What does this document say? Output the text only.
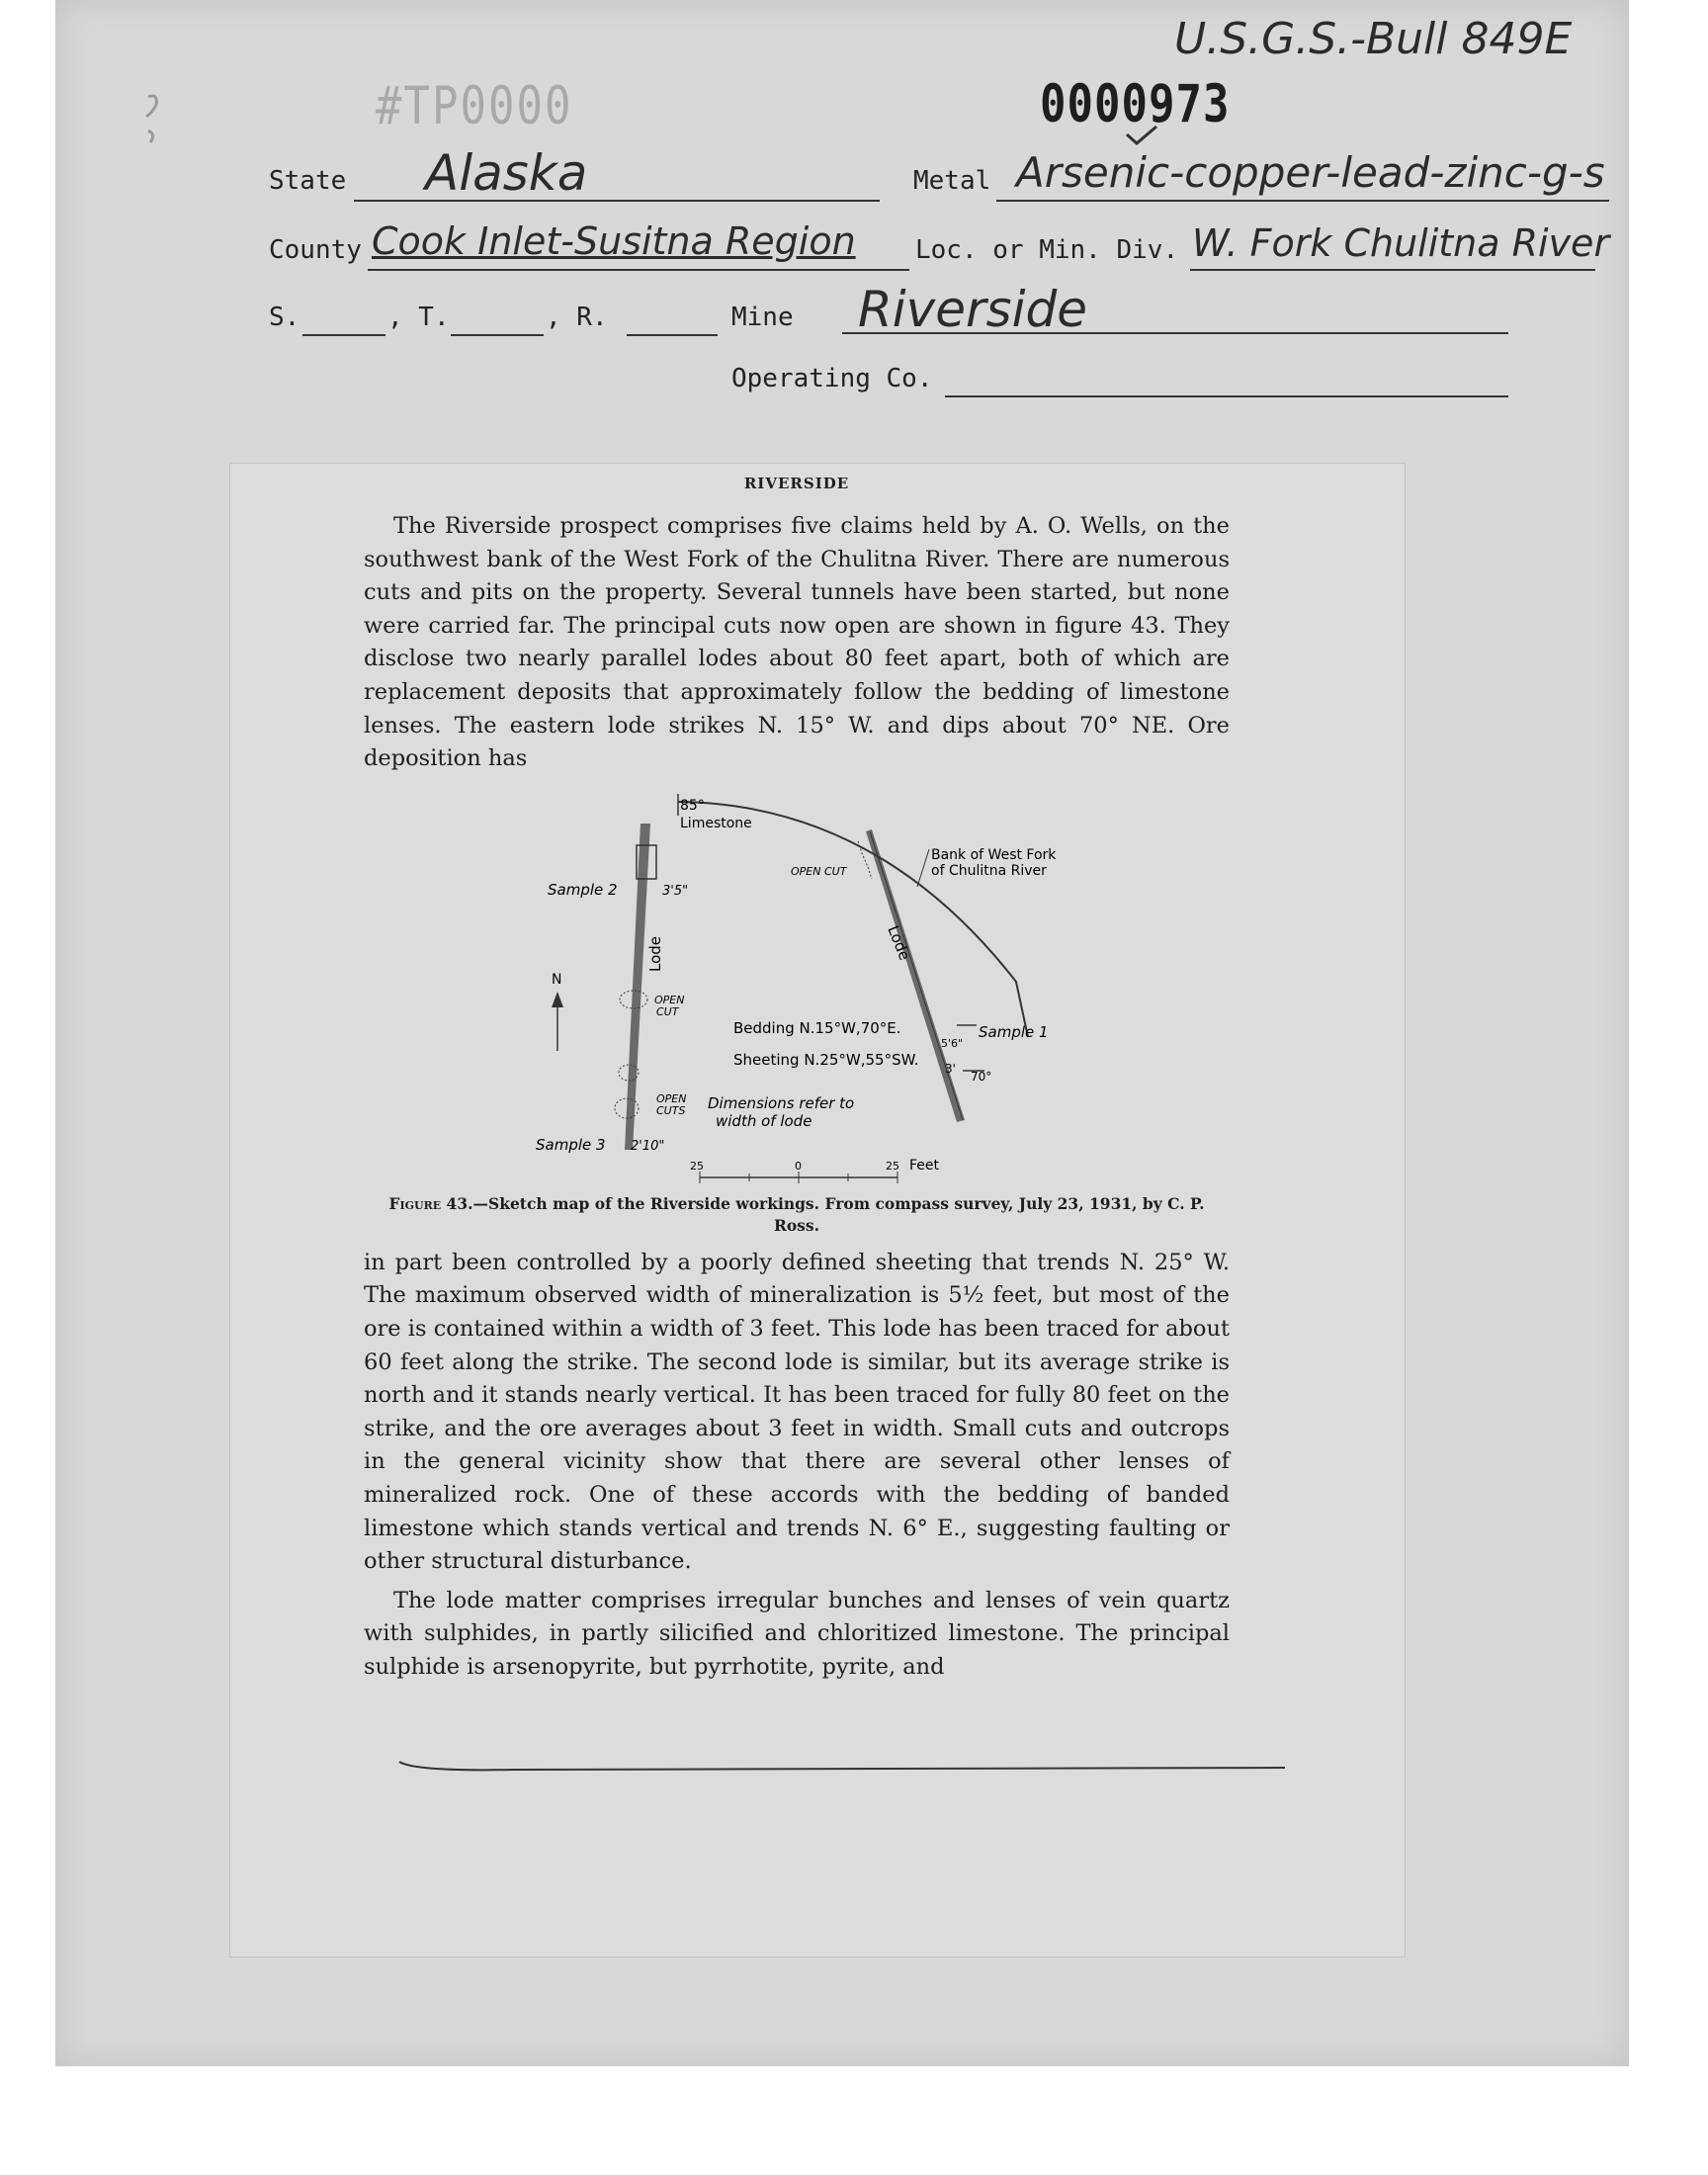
U.S.G.S.-Bull 849E
#TP0000	0000973
State Alaska	Metal Arsenic-copper-lead-zinc-g-s
County Cook Inlet-Susitna Region Loc. or Min. Div. W. Fork Chulitna River
S.	, T.	, R.	Mine Riverside
Operating Co.
RIVERSIDE

The Riverside prospect comprises five claims held by A. O. Wells, on the southwest bank of the West Fork of the Chulitna River. There are numerous cuts and pits on the property. Several tunnels have been started, but none were carried far. The principal cuts now open are shown in figure 43. They disclose two nearly parallel lodes about 80 feet apart, both of which are replacement deposits that approximately follow the bedding of limestone lenses. The eastern lode strikes N. 15° W. and dips about 70° NE. Ore deposition has

85°
Limestone
Sample 2	3'5"
OPEN CUT
Bank of West Fork
of Chulitna River
Lode	Lode
N
OPEN
CUT
Bedding N.15°W,70°E.
5'6"
Sample 1
Sheeting N.25°W,55°SW. 3'
70°
OPEN
CUTS Dimensions refer to
width of lode
Sample 3 2'10"
25	0	25 Feet
Figure 43.—Sketch map of the Riverside workings. From compass survey, July 23, 1931, by C. P. Ross.

in part been controlled by a poorly defined sheeting that trends N. 25° W. The maximum observed width of mineralization is 5½ feet, but most of the ore is contained within a width of 3 feet. This lode has been traced for about 60 feet along the strike. The second lode is similar, but its average strike is north and it stands nearly vertical. It has been traced for fully 80 feet on the strike, and the ore averages about 3 feet in width. Small cuts and outcrops in the general vicinity show that there are several other lenses of mineralized rock. One of these accords with the bedding of banded limestone which stands vertical and trends N. 6° E., suggesting faulting or other structural disturbance.

The lode matter comprises irregular bunches and lenses of vein quartz with sulphides, in partly silicified and chloritized limestone. The principal sulphide is arsenopyrite, but pyrrhotite, pyrite, and
